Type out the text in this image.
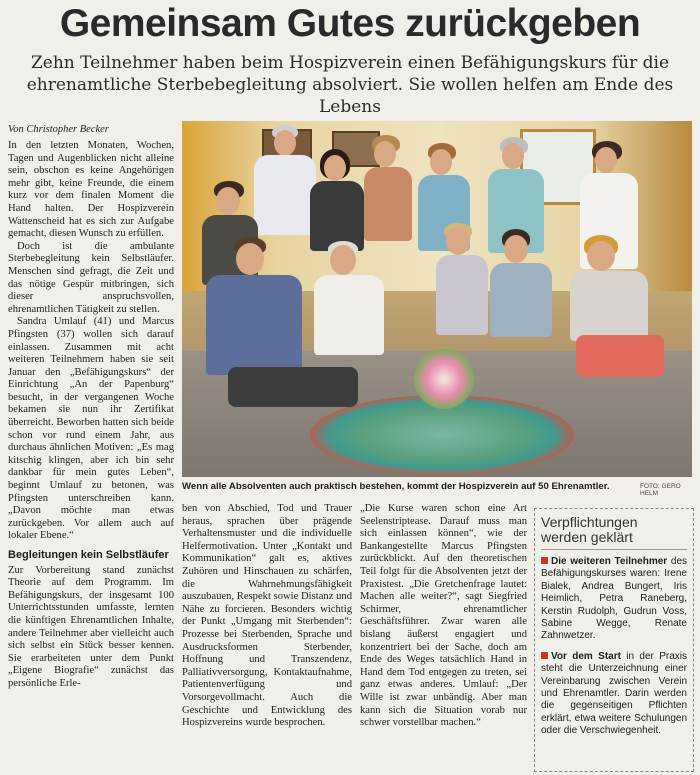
Gemeinsam Gutes zurückgeben
Zehn Teilnehmer haben beim Hospizverein einen Befähigungskurs für die ehrenamtliche Sterbebegleitung absolviert. Sie wollen helfen am Ende des Lebens
Von Christopher Becker

In den letzten Monaten, Wochen, Tagen und Augenblicken nicht alleine sein, obschon es keine Angehörigen mehr gibt, keine Freunde, die einem kurz vor dem finalen Moment die Hand halten. Der Hospizverein Wattenscheid hat es sich zur Aufgabe gemacht, diesen Wunsch zu erfüllen.

Doch ist die ambulante Sterbebegleitung kein Selbstläufer. Menschen sind gefragt, die Zeit und das nötige Gespür mitbringen, sich dieser anspruchsvollen, ehrenamtlichen Tätigkeit zu stellen.

Sandra Umlauf (41) und Marcus Pfingsten (37) wollen sich darauf einlassen. Zusammen mit acht weiteren Teilnehmern haben sie seit Januar den „Befähigungskurs“ der Einrichtung „An der Papenburg“ besucht, in der vergangenen Woche bekamen sie nun ihr Zertifikat überreicht. Beworben hatten sich beide schon vor rund einem Jahr, aus durchaus ähnlichen Motiven: „Es mag kitschig klingen, aber ich bin sehr dankbar für mein gutes Leben“, beginnt Umlauf zu betonen, was Pfingsten unterschreiben kann. „Davon möchte man etwas zurückgeben. Vor allem auch auf lokaler Ebene.“

Begleitungen kein Selbstläufer

Zur Vorbereitung stand zunächst Theorie auf dem Programm. Im Befähigungskurs, der insgesamt 100 Unterrichtsstunden umfasste, lernten die künftigen Ehrenamtlichen Inhalte, andere Teilnehmer aber vielleicht auch sich selbst ein Stück besser kennen. Sie erarbeiteten unter dem Punkt „Eigene Biografie“ zunächst das persönliche Erle-

Wenn alle Absolventen auch praktisch bestehen, kommt der Hospizverein auf 50 Ehrenamtler.	FOTO: GERO HELM

ben von Abschied, Tod und Trauer heraus, sprachen über prägende Verhaltensmuster und die individuelle Helfermotivation. Unter „Kontakt und Kommunikation“ galt es, aktives Zuhören und Hinschauen zu schärfen, die Wahrnehmungsfähigkeit auszubauen, Respekt sowie Distanz und Nähe zu forcieren. Besonders wichtig der Punkt „Umgang mit Sterbenden“: Prozesse bei Sterbenden, Sprache und Ausdrucksformen Sterbender, Hoffnung und Transzendenz, Palliativversorgung, Kontaktaufnahme, Patientenverfügung und Vorsorgevollmacht. Auch die Geschichte und Entwicklung des Hospizvereins wurde besprochen.

„Die Kurse waren schon eine Art Seelenstriptease. Darauf muss man sich einlassen können“, wie der Bankangestellte Marcus Pfingsten zurückblickt. Auf den theoretischen Teil folgt für die Absolventen jetzt der Praxistest. „Die Gretchenfrage lautet: Machen alle weiter?“, sagt Siegfried Schirmer, ehrenamtlicher Geschäftsführer. Zwar waren alle bislang äußerst engagiert und konzentriert bei der Sache, doch am Ende des Weges tatsächlich Hand in Hand dem Tod entgegen zu treten, sei ganz etwas anderes. Umlauf: „Der Wille ist zwar unbändig. Aber man kann sich die Situation vorab nur schwer vorstellbar machen.“

Verpflichtungen werden geklärt

Die weiteren Teilnehmer des Befähigungskurses waren: Irene Bialek, Andrea Bungert, Iris Heimlich, Petra Raneberg, Kerstin Rudolph, Gudrun Voss, Sabine Wegge, Renate Zahnwetzer.

Vor dem Start in der Praxis steht die Unterzeichnung einer Vereinbarung zwischen Verein und Ehrenamtler. Darin werden die gegenseitigen Pflichten erklärt, etwa weitere Schulungen oder die Verschwiegenheit.
